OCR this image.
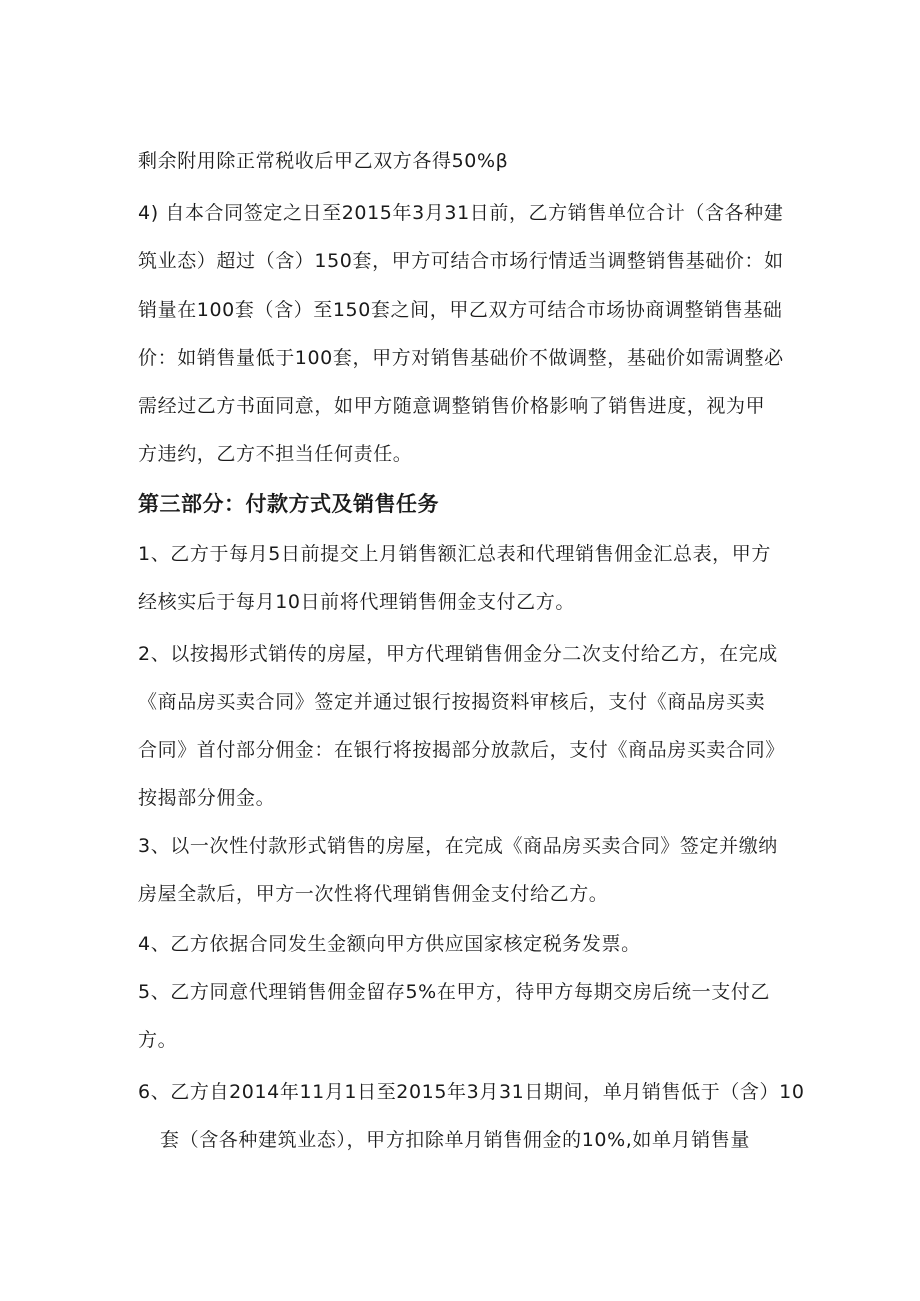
剩余附用除正常税收后甲乙双方各得50%β
4) 自本合同签定之日至2015年3月31日前，乙方销售单位合计（含各种建
筑业态）超过（含）150套，甲方可结合市场行情适当调整销售基础价：如
销量在100套（含）至150套之间，甲乙双方可结合市场协商调整销售基础
价：如销售量低于100套，甲方对销售基础价不做调整，基础价如需调整必
需经过乙方书面同意，如甲方随意调整销售价格影响了销售进度，视为甲
方违约，乙方不担当任何责任。
第三部分：付款方式及销售任务
1、乙方于每月5日前提交上月销售额汇总表和代理销售佣金汇总表，甲方
经核实后于每月10日前将代理销售佣金支付乙方。
2、以按揭形式销传的房屋，甲方代理销售佣金分二次支付给乙方，在完成
《商品房买卖合同》签定并通过银行按揭资料审核后，支付《商品房买卖
合同》首付部分佣金：在银行将按揭部分放款后，支付《商品房买卖合同》
按揭部分佣金。
3、以一次性付款形式销售的房屋，在完成《商品房买卖合同》签定并缴纳
房屋全款后，甲方一次性将代理销售佣金支付给乙方。
4、乙方依据合同发生金额向甲方供应国家核定税务发票。
5、乙方同意代理销售佣金留存5%在甲方，待甲方每期交房后统一支付乙
方。
6、乙方自2014年11月1日至2015年3月31日期间，单月销售低于（含）10
套（含各种建筑业态），甲方扣除单月销售佣金的10%,如单月销售量
